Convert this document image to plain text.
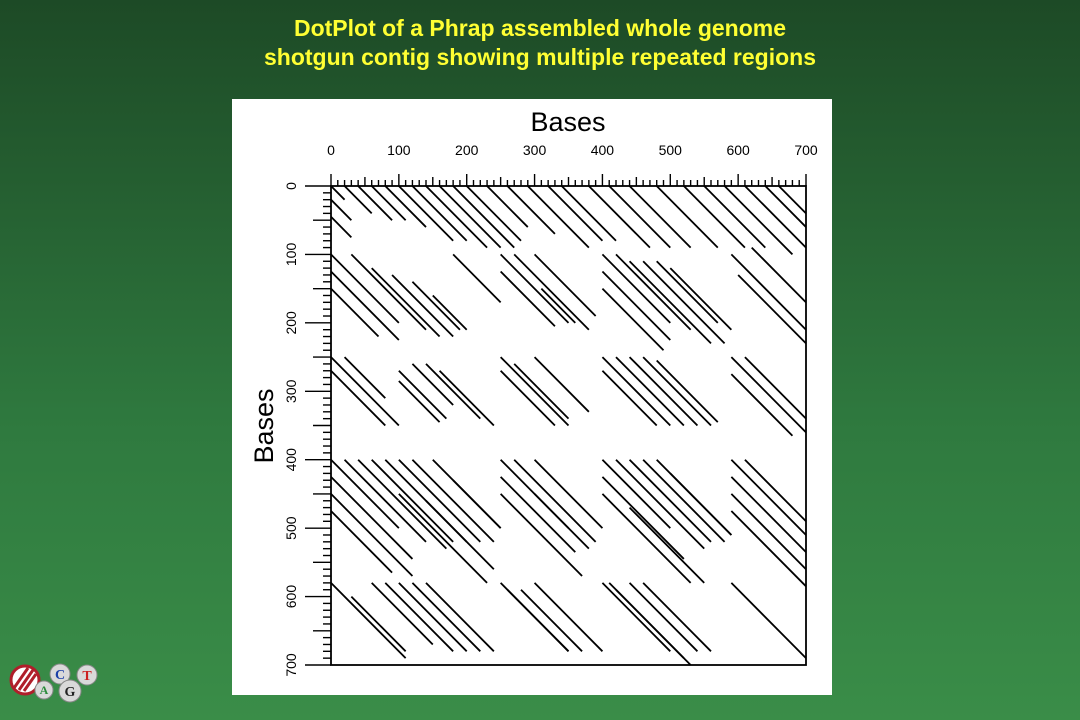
DotPlot of a Phrap assembled whole genome
shotgun contig showing multiple repeated regions
Bases
Bases
0	100	200	300	400	500	600	700
0
100
200
300
400
500
600
700
C T
A G
